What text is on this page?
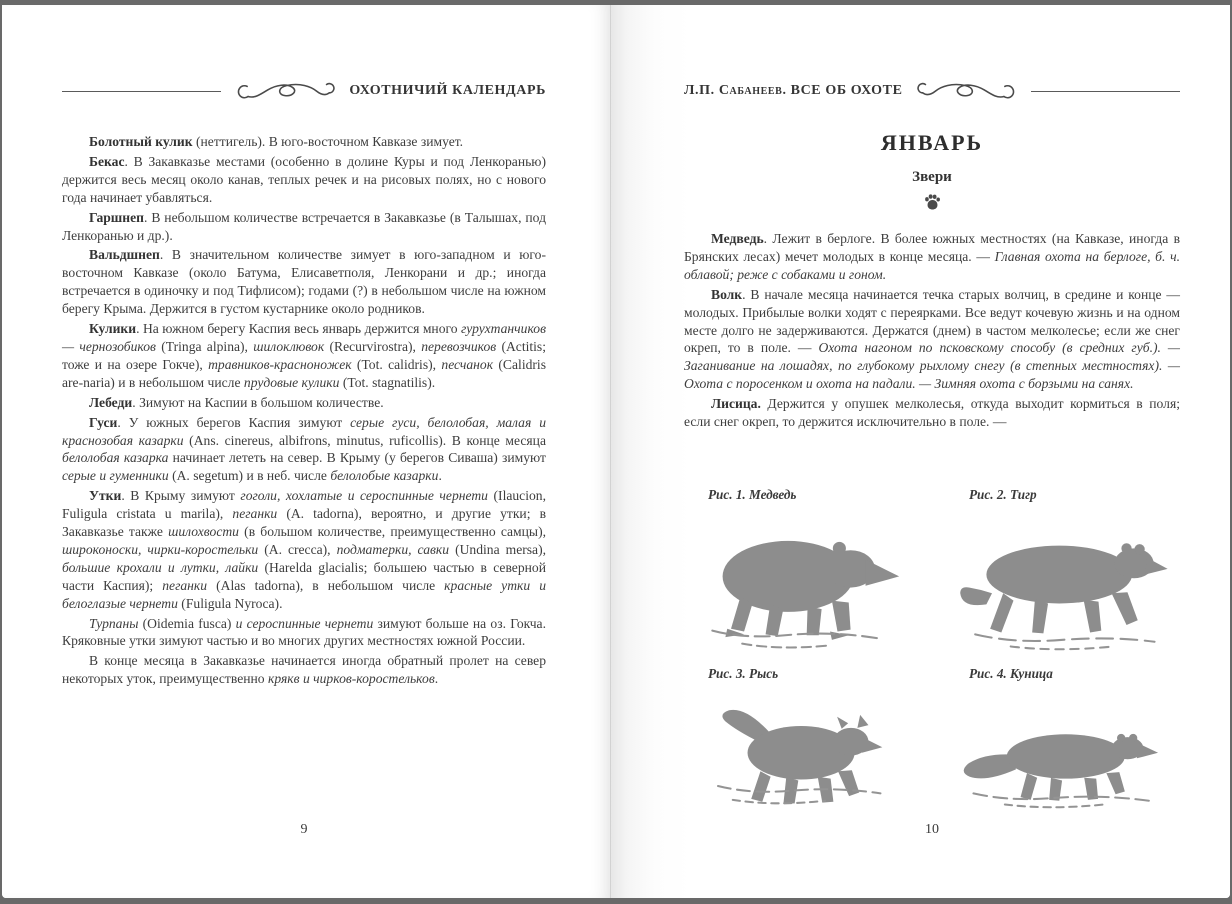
ОХОТНИЧИЙ КАЛЕНДАРЬ

Болотный кулик (неттигель). В юго-восточном Кавказе зимует.

Бекас. В Закавказье местами (особенно в долине Куры и под Ленкоранью) держится весь месяц около канав, теплых речек и на рисовых полях, но с нового года начинает убавляться.

Гаршнеп. В небольшом количестве встречается в Закавказье (в Талышах, под Ленкоранью и др.).

Вальдшнеп. В значительном количестве зимует в юго-западном и юго-восточном Кавказе (около Батума, Елисаветполя, Ленкорани и др.; иногда встречается в одиночку и под Тифлисом); годами (?) в небольшом числе на южном берегу Крыма. Держится в густом кустарнике около родников.

Кулики. На южном берегу Каспия весь январь держится много гурухтанчиков — чернозобиков (Tringa alpina), шилоклювок (Recurvirostra), перевозчиков (Actitis; тоже и на озере Гокче), травников-красноножек (Tot. calidris), песчанок (Calidris are-naria) и в небольшом числе прудовые кулики (Tot. stagnatilis).

Лебеди. Зимуют на Каспии в большом количестве.

Гуси. У южных берегов Каспия зимуют серые гуси, белолобая, малая и краснозобая казарки (Ans. cinereus, albifrons, minutus, ruficollis). В конце месяца белолобая казарка начинает лететь на север. В Крыму (у берегов Сиваша) зимуют серые и гуменники (A. segetum) и в неб. числе белолобые казарки.

Утки. В Крыму зимуют гоголи, хохлатые и сероспинные чернети (Ilaucion, Fuligula cristata u marila), пеганки (A. tadorna), вероятно, и другие утки; в Закавказье также шилохвости (в большом количестве, преимущественно самцы), широконоски, чирки-коростельки (A. crecca), подматерки, савки (Undina mersa), большие крохали и лутки, лайки (Harelda glacialis; большею частью в северной части Каспия); пеганки (Alas tadorna), в небольшом числе красные утки и белоглазые чернети (Fuligula Nyroca).

Турпаны (Oidemia fusca) и сероспинные чернети зимуют больше на оз. Гокча. Кряковные утки зимуют частью и во многих других местностях южной России.

В конце месяца в Закавказье начинается иногда обратный пролет на север некоторых уток, преимущественно крякв и чирков-коростельков.

9
Л.П. Сабанеев. ВСЕ ОБ ОХОТЕ
ЯНВАРЬ
Звери

Медведь. Лежит в берлоге. В более южных местностях (на Кавказе, иногда в Брянских лесах) мечет молодых в конце месяца. — Главная охота на берлоге, б. ч. облавой; реже с собаками и гоном.

Волк. В начале месяца начинается течка старых волчиц, в средине и конце — молодых. Прибылые волки ходят с переярками. Все ведут кочевую жизнь и на одном месте долго не задерживаются. Держатся (днем) в частом мелколесье; если же снег окреп, то в поле. — Охота нагоном по псковскому способу (в средних губ.). — Заганивание на лошадях, по глубокому рыхлому снегу (в степных местностях). — Охота с поросенком и охота на падали. — Зимняя охота с борзыми на санях.

Лисица. Держится у опушек мелколесья, откуда выходит кормиться в поля; если снег окреп, то держится исключительно в поле. —

Рис. 1. Медведь	Рис. 2. Тигр
Рис. 3. Рысь	Рис. 4. Куница
10
